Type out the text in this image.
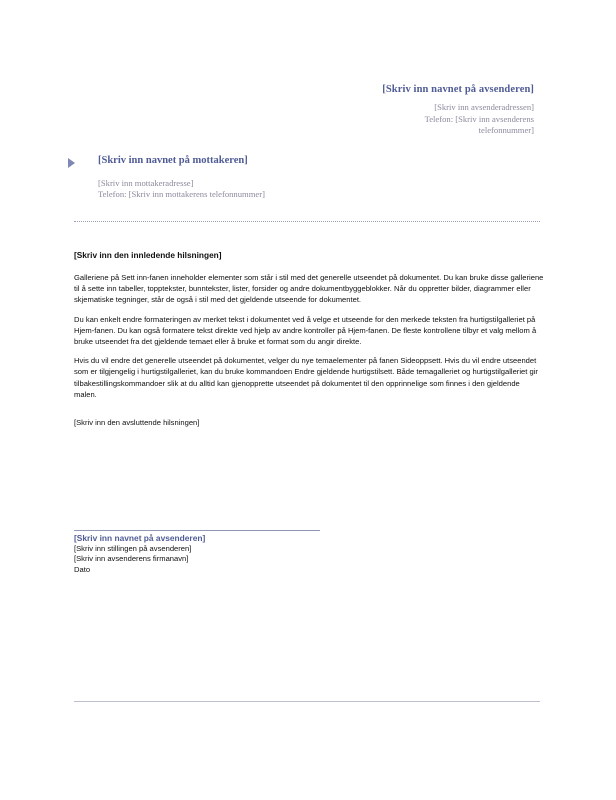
[Skriv inn navnet på avsenderen]
[Skriv inn avsenderadressen]
Telefon: [Skriv inn avsenderens
telefonnummer]
[Skriv inn navnet på mottakeren]
[Skriv inn mottakeradresse]
Telefon: [Skriv inn mottakerens telefonnummer]

[Skriv inn den innledende hilsningen]

Galleriene på Sett inn-fanen inneholder elementer som står i stil med det generelle utseendet på dokumentet. Du kan bruke disse galleriene til å sette inn tabeller, topptekster, bunntekster, lister, forsider og andre dokumentbyggeblokker. Når du oppretter bilder, diagrammer eller skjematiske tegninger, står de også i stil med det gjeldende utseende for dokumentet.

Du kan enkelt endre formateringen av merket tekst i dokumentet ved å velge et utseende for den merkede teksten fra hurtigstilgalleriet på Hjem-fanen. Du kan også formatere tekst direkte ved hjelp av andre kontroller på Hjem-fanen. De fleste kontrollene tilbyr et valg mellom å bruke utseendet fra det gjeldende temaet eller å bruke et format som du angir direkte.

Hvis du vil endre det generelle utseendet på dokumentet, velger du nye temaelementer på fanen Sideoppsett. Hvis du vil endre utseendet som er tilgjengelig i hurtigstilgalleriet, kan du bruke kommandoen Endre gjeldende hurtigstilsett. Både temagalleriet og hurtigstilgalleriet gir tilbakestillingskommandoer slik at du alltid kan gjenopprette utseendet på dokumentet til den opprinnelige som finnes i den gjeldende malen.

[Skriv inn den avsluttende hilsningen]
[Skriv inn navnet på avsenderen]
[Skriv inn stillingen på avsenderen]
[Skriv inn avsenderens firmanavn]
Dato
